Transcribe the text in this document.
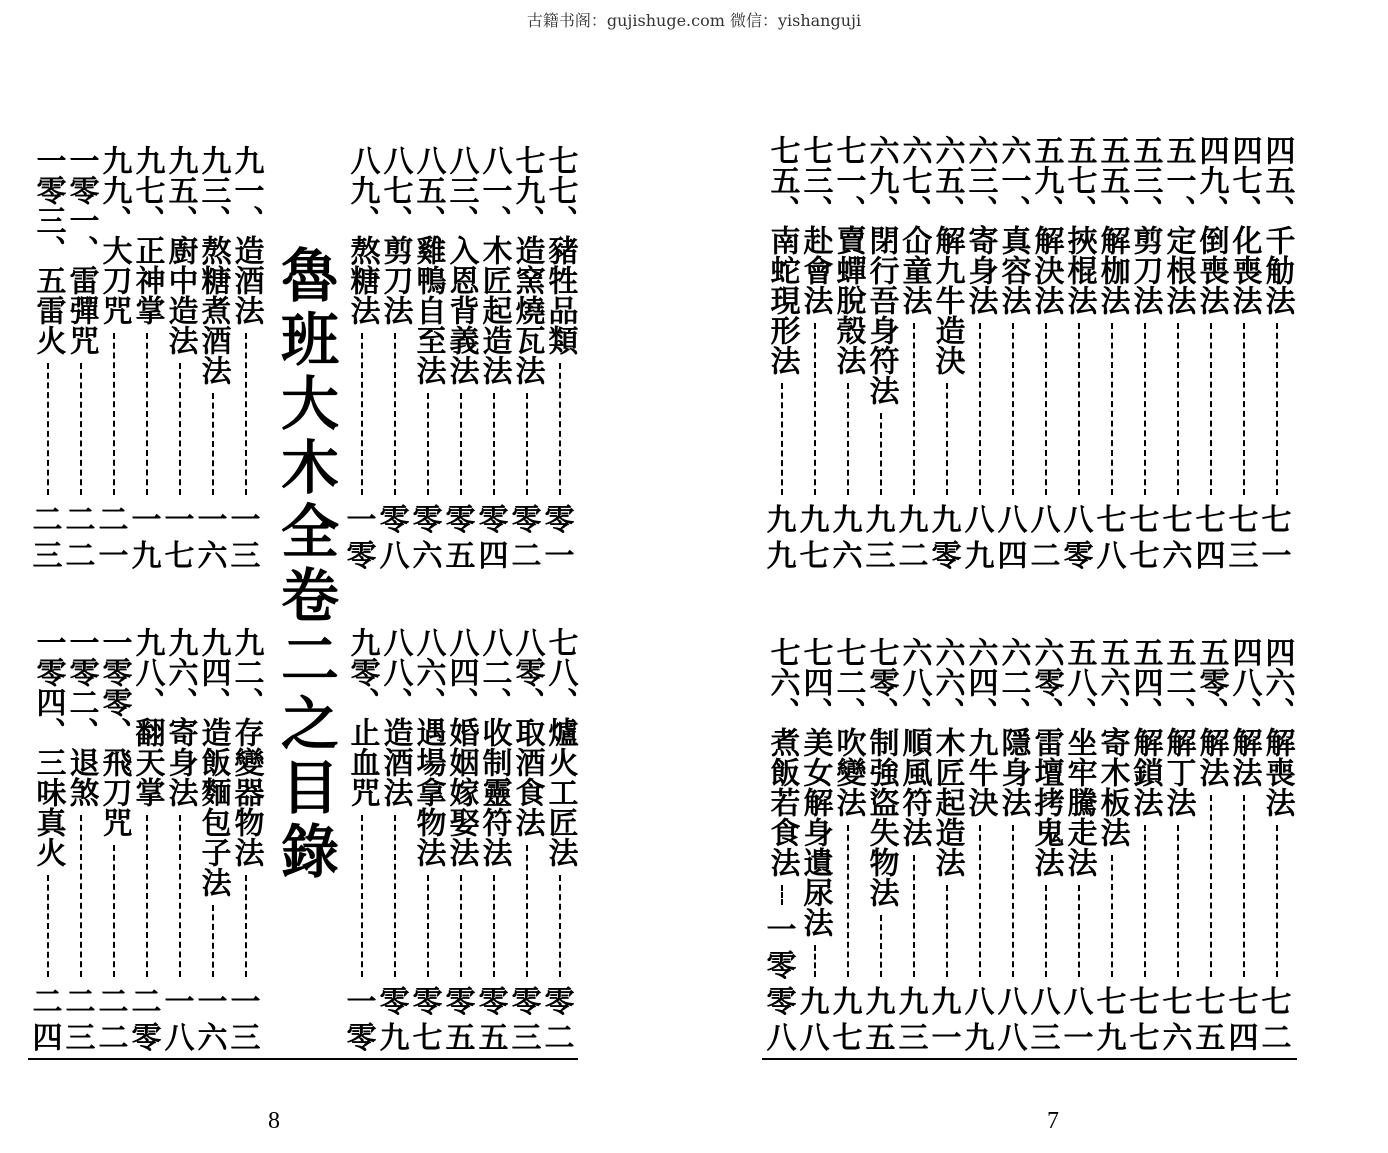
古籍书阁：gujishuge.com 微信：yishanguji
魯班大木全卷二之目錄
七七、
豬牲品類
零
一
七九、
造窯燒瓦法
零
二
八一、
木匠起造法
零
四
八三、
入恩背義法
零
五
八五、
雞鴨自至法
零
六
八七、
剪刀法
零
八
八九、
熬糖法
一
零
九一、
造酒法
一
三
九三、
熬糖煮酒法
一
六
九五、
廚中造法
一
七
九七、
正神掌
一
九
九九、
大刀咒
二
一
一零一、
雷彈咒
二
二
一零三、
五雷火
二
三
七八、
爐火工匠法
零
二
八零、
取酒食法
零
三
八二、
收制靈符法
零
五
八四、
婚姻嫁娶法
零
五
八六、
遇場拿物法
零
七
八八、
造酒法
零
九
九零、
止血咒
一
零
九二、
存變器物法
一
三
九四、
造飯麵包子法
一
六
九六、
寄身法
一
八
九八、
翻天掌
二
零
一零零、
飛刀咒
二
二
一零二、
退煞
二
三
一零四、
三味真火
二
四
四五、
千觔法
七
一
四七、
化喪法
七
三
四九、
倒喪法
七
四
五一、
定根法
七
六
五三、
剪刀法
七
七
五五、
解枷法
七
八
五七、
挾棍法
八
零
五九、
解決法
八
二
六一、
真容法
八
四
六三、
寄身法
八
九
六五、
解九牛造決
九
零
六七、
仚童法
九
二
六九、
閉行吾身符法
九
三
七一、
賣蟬脫殼法
九
六
七三、
赴會法
九
七
七五、
南蛇現形法
九
九
四六、
解喪法
七
二
四八、
解法
七
四
五零、
解法
七
五
五二、
解丁法
七
六
五四、
解鎖法
七
七
五六、
寄木板法
七
九
五八、
坐牢騰走法
八
一
六零、
雷壇拷鬼法
八
三
六二、
隱身法
八
八
六四、
九牛決
八
九
六六、
木匠起造法
九
一
六八、
順風符法
九
三
七零、
制強盜失物法
九
五
七二、
吹變法
九
七
七四、
美女解身遺尿法
九
八
七六、
煮飯若食法
一零
零八
8	7
